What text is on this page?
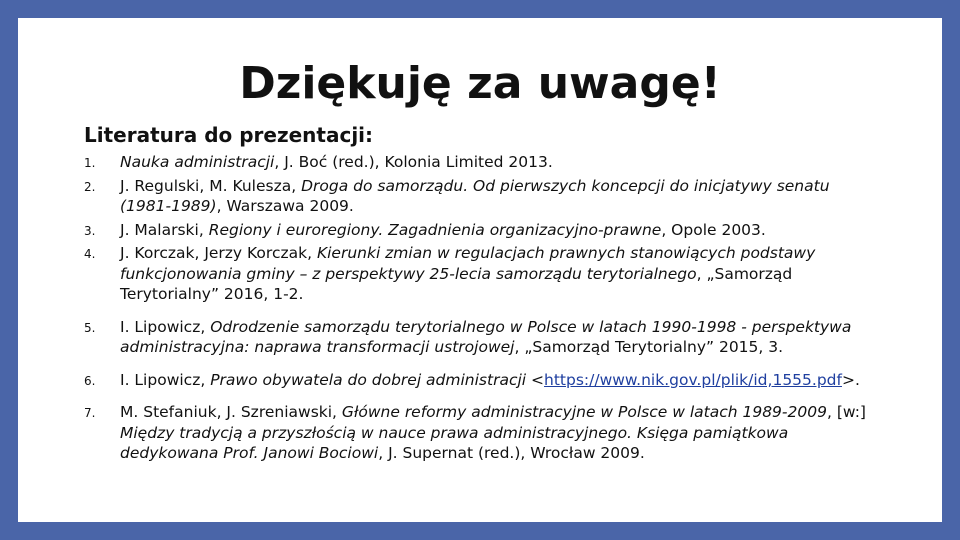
Dziękuję za uwagę!
Literatura do prezentacji:
1. Nauka administracji, J. Boć (red.), Kolonia Limited 2013.
2. J. Regulski, M. Kulesza, Droga do samorządu. Od pierwszych koncepcji do inicjatywy senatu (1981-1989), Warszawa 2009.
3. J. Malarski, Regiony i euroregiony. Zagadnienia organizacyjno-prawne, Opole 2003.
4. J. Korczak, Jerzy Korczak, Kierunki zmian w regulacjach prawnych stanowiących podstawy funkcjonowania gminy – z perspektywy 25-lecia samorządu terytorialnego, „Samorząd Terytorialny” 2016, 1-2.
5. I. Lipowicz, Odrodzenie samorządu terytorialnego w Polsce w latach 1990-1998 - perspektywa administracyjna: naprawa transformacji ustrojowej, „Samorząd Terytorialny” 2015, 3.
6. I. Lipowicz, Prawo obywatela do dobrej administracji <https://www.nik.gov.pl/plik/id,1555.pdf>.
7. M. Stefaniuk, J. Szreniawski, Główne reformy administracyjne w Polsce w latach 1989-2009, [w:] Między tradycją a przyszłością w nauce prawa administracyjnego. Księga pamiątkowa dedykowana Prof. Janowi Bociowi, J. Supernat (red.), Wrocław 2009.
